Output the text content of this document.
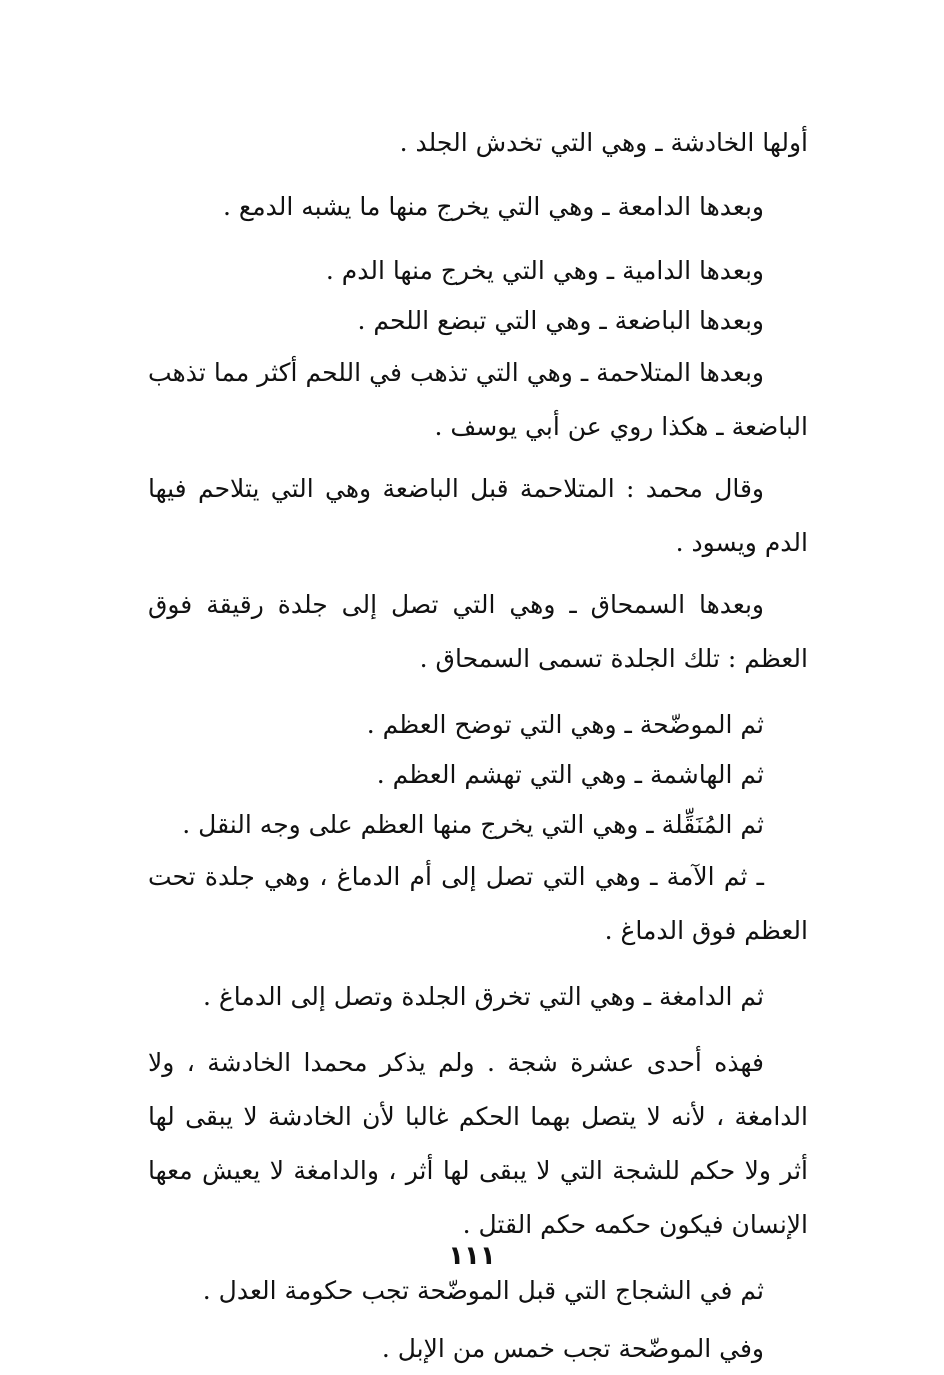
أولها الخادشة ـ وهي التي تخدش الجلد .

وبعدها الدامعة ـ وهي التي يخرج منها ما يشبه الدمع .

وبعدها الدامية ـ وهي التي يخرج منها الدم .

وبعدها الباضعة ـ وهي التي تبضع اللحم .

وبعدها المتلاحمة ـ وهي التي تذهب في اللحم أكثر مما تذهب الباضعة ـ هكذا روي عن أبي يوسف .

وقال محمد : المتلاحمة قبل الباضعة وهي التي يتلاحم فيها الدم ويسود .

وبعدها السمحاق ـ وهي التي تصل إلى جلدة رقيقة فوق العظم : تلك الجلدة تسمى السمحاق .

ثم الموضّحة ـ وهي التي توضح العظم .

ثم الهاشمة ـ وهي التي تهشم العظم .

ثم المُنَقِّلة ـ وهي التي يخرج منها العظم على وجه النقل .

ـ ثم الآمة ـ وهي التي تصل إلى أم الدماغ ، وهي جلدة تحت العظم فوق الدماغ .

ثم الدامغة ـ وهي التي تخرق الجلدة وتصل إلى الدماغ .

فهذه أحدى عشرة شجة . ولم يذكر محمدا الخادشة ، ولا الدامغة ، لأنه لا يتصل بهما الحكم غالبا لأن الخادشة لا يبقى لها أثر ولا حكم للشجة التي لا يبقى لها أثر ، والدامغة لا يعيش معها الإنسان فيكون حكمه حكم القتل .

ثم في الشجاج التي قبل الموضّحة تجب حكومة العدل .

وفي الموضّحة تجب خمس من الإبل .

١١١
